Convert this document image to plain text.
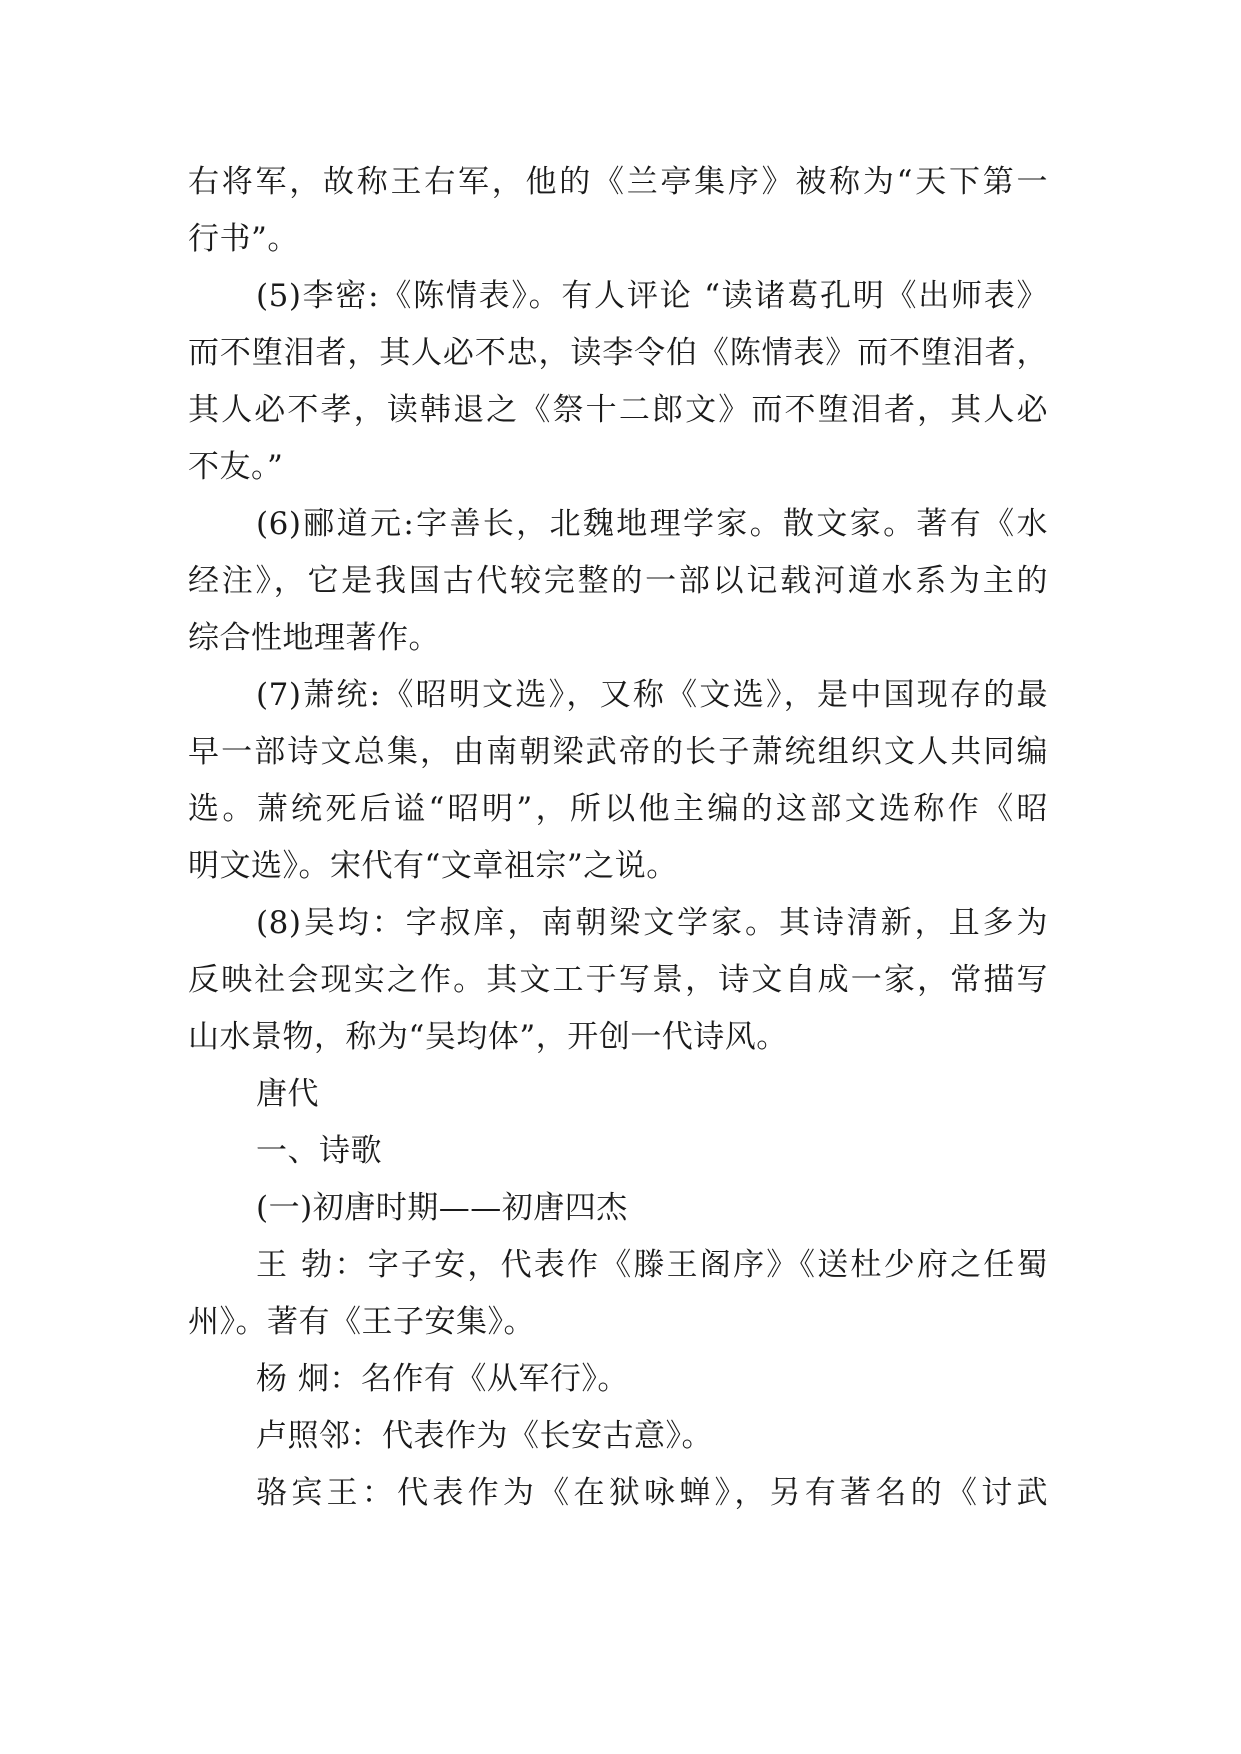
右将军，故称王右军，他的《兰亭集序》被称为“天下第一
行书”。
(5)李密:《陈情表》。有人评论 “读诸葛孔明《出师表》
而不堕泪者，其人必不忠，读李令伯《陈情表》而不堕泪者，
其人必不孝，读韩退之《祭十二郎文》而不堕泪者，其人必
不友。”
(6)郦道元:字善长，北魏地理学家。散文家。著有《水
经注》，它是我国古代较完整的一部以记载河道水系为主的
综合性地理著作。
(7)萧统:《昭明文选》，又称《文选》，是中国现存的最
早一部诗文总集，由南朝梁武帝的长子萧统组织文人共同编
选。萧统死后谥“昭明”，所以他主编的这部文选称作《昭
明文选》。宋代有“文章祖宗”之说。
(8)吴均：字叔庠，南朝梁文学家。其诗清新，且多为
反映社会现实之作。其文工于写景，诗文自成一家，常描写
山水景物，称为“吴均体”，开创一代诗风。
唐代
一、诗歌
(一)初唐时期——初唐四杰
王 勃：字子安，代表作《滕王阁序》《送杜少府之任蜀
州》。著有《王子安集》。
杨 炯：名作有《从军行》。
卢照邻：代表作为《长安古意》。
骆宾王：代表作为《在狱咏蝉》，另有著名的《讨武
